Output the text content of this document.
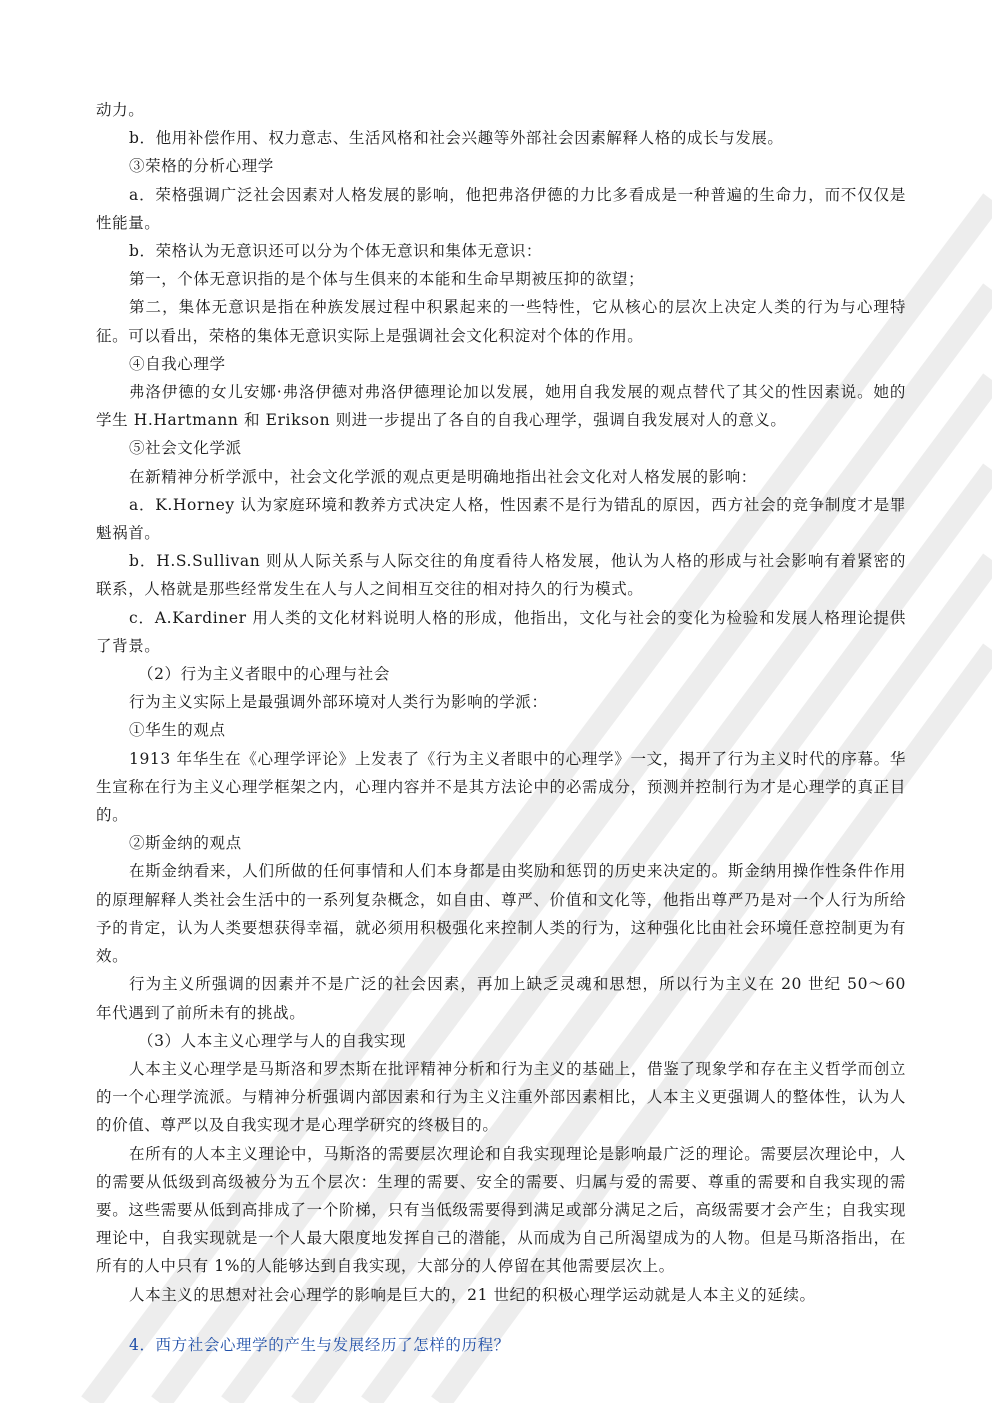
动力。

b．他用补偿作用、权力意志、生活风格和社会兴趣等外部社会因素解释人格的成长与发展。

③荣格的分析心理学

a．荣格强调广泛社会因素对人格发展的影响，他把弗洛伊德的力比多看成是一种普遍的生命力，而不仅仅是性能量。

b．荣格认为无意识还可以分为个体无意识和集体无意识：

第一，个体无意识指的是个体与生俱来的本能和生命早期被压抑的欲望；

第二，集体无意识是指在种族发展过程中积累起来的一些特性，它从核心的层次上决定人类的行为与心理特征。可以看出，荣格的集体无意识实际上是强调社会文化积淀对个体的作用。

④自我心理学

弗洛伊德的女儿安娜·弗洛伊德对弗洛伊德理论加以发展，她用自我发展的观点替代了其父的性因素说。她的学生 H.Hartmann 和 Erikson 则进一步提出了各自的自我心理学，强调自我发展对人的意义。

⑤社会文化学派

在新精神分析学派中，社会文化学派的观点更是明确地指出社会文化对人格发展的影响：

a．K.Horney 认为家庭环境和教养方式决定人格，性因素不是行为错乱的原因，西方社会的竞争制度才是罪魁祸首。

b．H.S.Sullivan 则从人际关系与人际交往的角度看待人格发展，他认为人格的形成与社会影响有着紧密的联系，人格就是那些经常发生在人与人之间相互交往的相对持久的行为模式。

c．A.Kardiner 用人类的文化材料说明人格的形成，他指出，文化与社会的变化为检验和发展人格理论提供了背景。

（2）行为主义者眼中的心理与社会

行为主义实际上是最强调外部环境对人类行为影响的学派：

①华生的观点

1913 年华生在《心理学评论》上发表了《行为主义者眼中的心理学》一文，揭开了行为主义时代的序幕。华生宣称在行为主义心理学框架之内，心理内容并不是其方法论中的必需成分，预测并控制行为才是心理学的真正目的。

②斯金纳的观点

在斯金纳看来，人们所做的任何事情和人们本身都是由奖励和惩罚的历史来决定的。斯金纳用操作性条件作用的原理解释人类社会生活中的一系列复杂概念，如自由、尊严、价值和文化等，他指出尊严乃是对一个人行为所给予的肯定，认为人类要想获得幸福，就必须用积极强化来控制人类的行为，这种强化比由社会环境任意控制更为有效。

行为主义所强调的因素并不是广泛的社会因素，再加上缺乏灵魂和思想，所以行为主义在 20 世纪 50～60 年代遇到了前所未有的挑战。

（3）人本主义心理学与人的自我实现

人本主义心理学是马斯洛和罗杰斯在批评精神分析和行为主义的基础上，借鉴了现象学和存在主义哲学而创立的一个心理学流派。与精神分析强调内部因素和行为主义注重外部因素相比，人本主义更强调人的整体性，认为人的价值、尊严以及自我实现才是心理学研究的终极目的。

在所有的人本主义理论中，马斯洛的需要层次理论和自我实现理论是影响最广泛的理论。需要层次理论中，人的需要从低级到高级被分为五个层次：生理的需要、安全的需要、归属与爱的需要、尊重的需要和自我实现的需要。这些需要从低到高排成了一个阶梯，只有当低级需要得到满足或部分满足之后，高级需要才会产生；自我实现理论中，自我实现就是一个人最大限度地发挥自己的潜能，从而成为自己所渴望成为的人物。但是马斯洛指出，在所有的人中只有 1%的人能够达到自我实现，大部分的人停留在其他需要层次上。

人本主义的思想对社会心理学的影响是巨大的，21 世纪的积极心理学运动就是人本主义的延续。

4．西方社会心理学的产生与发展经历了怎样的历程？
